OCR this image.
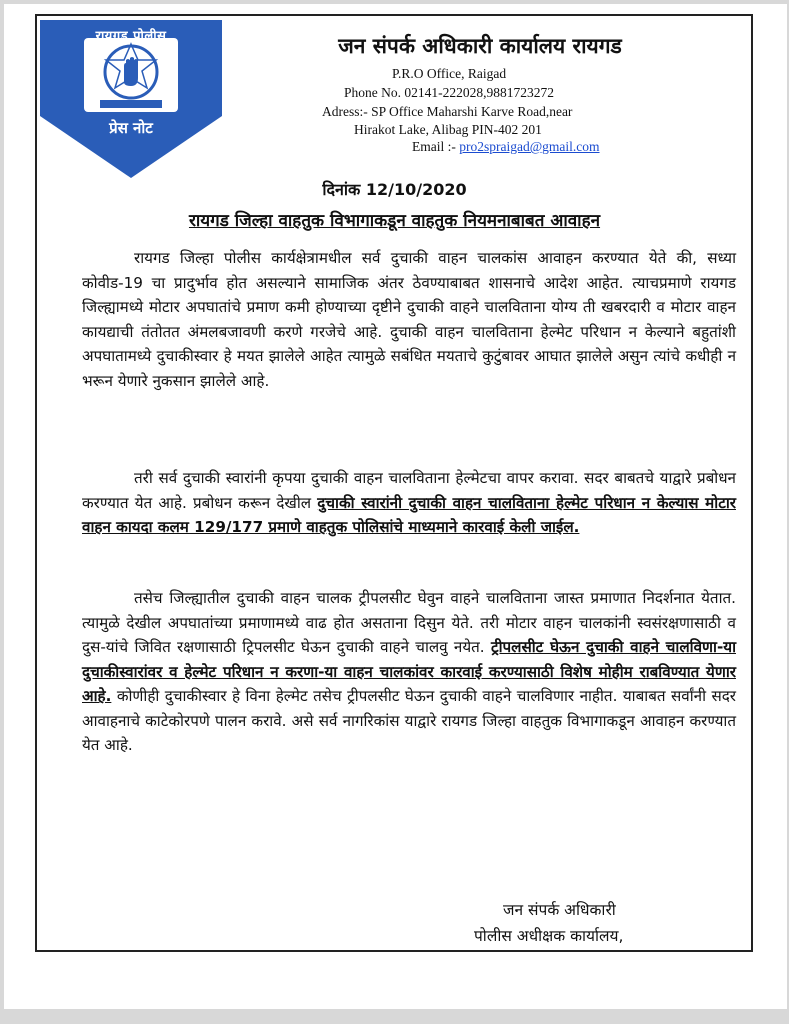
रायगड पोलीस
प्रेस नोट
जन संपर्क अधिकारी कार्यालय रायगड
P.R.O Office, Raigad
Phone No. 02141-222028,9881723272
Adress:- SP Office Maharshi Karve Road,near
Hirakot Lake, Alibag PIN-402 201
Email :- pro2spraigad@gmail.com
दिनांक 12/10/2020
रायगड जिल्हा वाहतुक विभागाकडून वाहतुक नियमनाबाबत आवाहन

रायगड जिल्हा पोलीस कार्यक्षेत्रामधील सर्व दुचाकी वाहन चालकांस आवाहन करण्यात येते की, सध्या कोवीड-19 चा प्रादुर्भाव होत असल्याने सामाजिक अंतर ठेवण्याबाबत शासनाचे आदेश आहेत. त्याचप्रमाणे रायगड जिल्ह्यामध्ये मोटार अपघातांचे प्रमाण कमी होण्याच्या दृष्टीने दुचाकी वाहने चालविताना योग्य ती खबरदारी व मोटार वाहन कायद्याची तंतोतत अंमलबजावणी करणे गरजेचे आहे. दुचाकी वाहन चालविताना हेल्मेट परिधान न केल्याने बहुतांशी अपघातामध्ये दुचाकीस्वार हे मयत झालेले आहेत त्यामुळे सबंधित मयताचे कुटुंबावर आघात झालेले असुन त्यांचे कधीही न भरून येणारे नुकसान झालेले आहे.

तरी सर्व दुचाकी स्वारांनी कृपया दुचाकी वाहन चालविताना हेल्मेटचा वापर करावा. सदर बाबतचे याद्वारे प्रबोधन करण्यात येत आहे. प्रबोधन करून देखील दुचाकी स्वारांनी दुचाकी वाहन चालविताना हेल्मेट परिधान न केल्यास मोटार वाहन कायदा कलम 129/177 प्रमाणे वाहतुक पोलिसांचे माध्यमाने कारवाई केली जाईल.

तसेच जिल्ह्यातील दुचाकी वाहन चालक ट्रीपलसीट घेवुन वाहने चालविताना जास्त प्रमाणात निदर्शनात येतात. त्यामुळे देखील अपघातांच्या प्रमाणामध्ये वाढ होत असताना दिसुन येते. तरी मोटार वाहन चालकांनी स्वसंरक्षणासाठी व दुस-यांचे जिवित रक्षणासाठी ट्रिपलसीट घेऊन दुचाकी वाहने चालवु नयेत. ट्रीपलसीट घेऊन दुचाकी वाहने चालविणा-या दुचाकीस्वारांवर व हेल्मेट परिधान न करणा-या वाहन चालकांवर कारवाई करण्यासाठी विशेष मोहीम राबविण्यात येणार आहे. कोणीही दुचाकीस्वार हे विना हेल्मेट तसेच ट्रीपलसीट घेऊन दुचाकी वाहने चालविणार नाहीत. याबाबत सर्वांनी सदर आवाहनाचे काटेकोरपणे पालन करावे. असे सर्व नागरिकांस याद्वारे रायगड जिल्हा वाहतुक विभागाकडून आवाहन करण्यात येत आहे.

जन संपर्क अधिकारी
पोलीस अधीक्षक कार्यालय,
